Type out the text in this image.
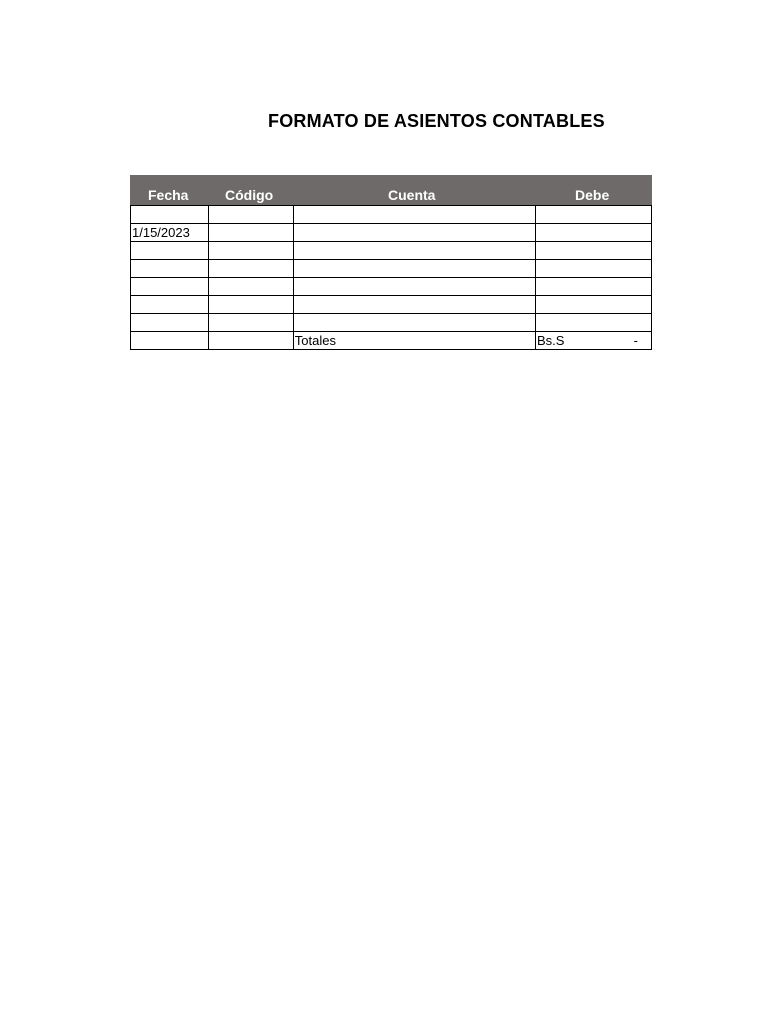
FORMATO DE ASIENTOS CONTABLES
Fecha	Código	Cuenta	Debe

1/15/2023			

		Totales	Bs.S -
